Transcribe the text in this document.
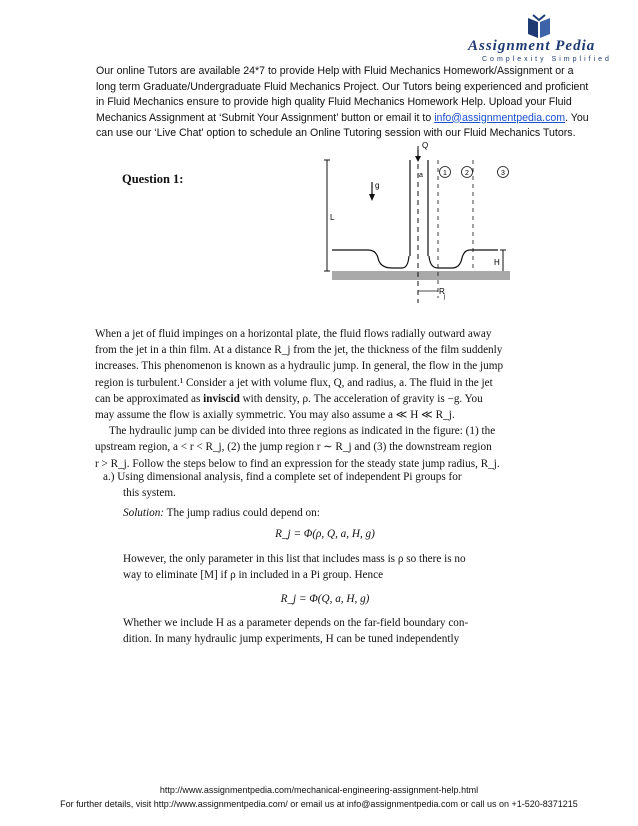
Assignment Pedia
Complexity Simplified
Our online Tutors are available 24*7 to provide Help with Fluid Mechanics Homework/Assignment or a
long term Graduate/Undergraduate Fluid Mechanics Project. Our Tutors being experienced and proficient
in Fluid Mechanics ensure to provide high quality Fluid Mechanics Homework Help. Upload your Fluid
Mechanics Assignment at ‘Submit Your Assignment’ button or email it to info@assignmentpedia.com. You
can use our ‘Live Chat’ option to schedule an Online Tutoring session with our Fluid Mechanics Tutors.
Question 1:
L
Q
g
a	1	2	3
H
R
j
When a jet of fluid impinges on a horizontal plate, the fluid flows radially outward away
from the jet in a thin film. At a distance R_j from the jet, the thickness of the film suddenly
increases. This phenomenon is known as a hydraulic jump. In general, the flow in the jump
region is turbulent.¹ Consider a jet with volume flux, Q, and radius, a. The fluid in the jet
can be approximated as inviscid with density, ρ. The acceleration of gravity is −g. You
may assume the flow is axially symmetric. You may also assume a ≪ H ≪ R_j.
The hydraulic jump can be divided into three regions as indicated in the figure: (1) the
upstream region, a < r < R_j, (2) the jump region r ∼ R_j and (3) the downstream region
r > R_j. Follow the steps below to find an expression for the steady state jump radius, R_j.
a.) Using dimensional analysis, find a complete set of independent Pi groups for
this system.
Solution: The jump radius could depend on:
R_j = Φ(ρ, Q, a, H, g)
However, the only parameter in this list that includes mass is ρ so there is no
way to eliminate [M] if ρ in included in a Pi group. Hence
R_j = Φ(Q, a, H, g)
Whether we include H as a parameter depends on the far-field boundary con-
dition. In many hydraulic jump experiments, H can be tuned independently
http://www.assignmentpedia.com/mechanical-engineering-assignment-help.html
For further details, visit http://www.assignmentpedia.com/ or email us at info@assignmentpedia.com or call us on +1-520-8371215
